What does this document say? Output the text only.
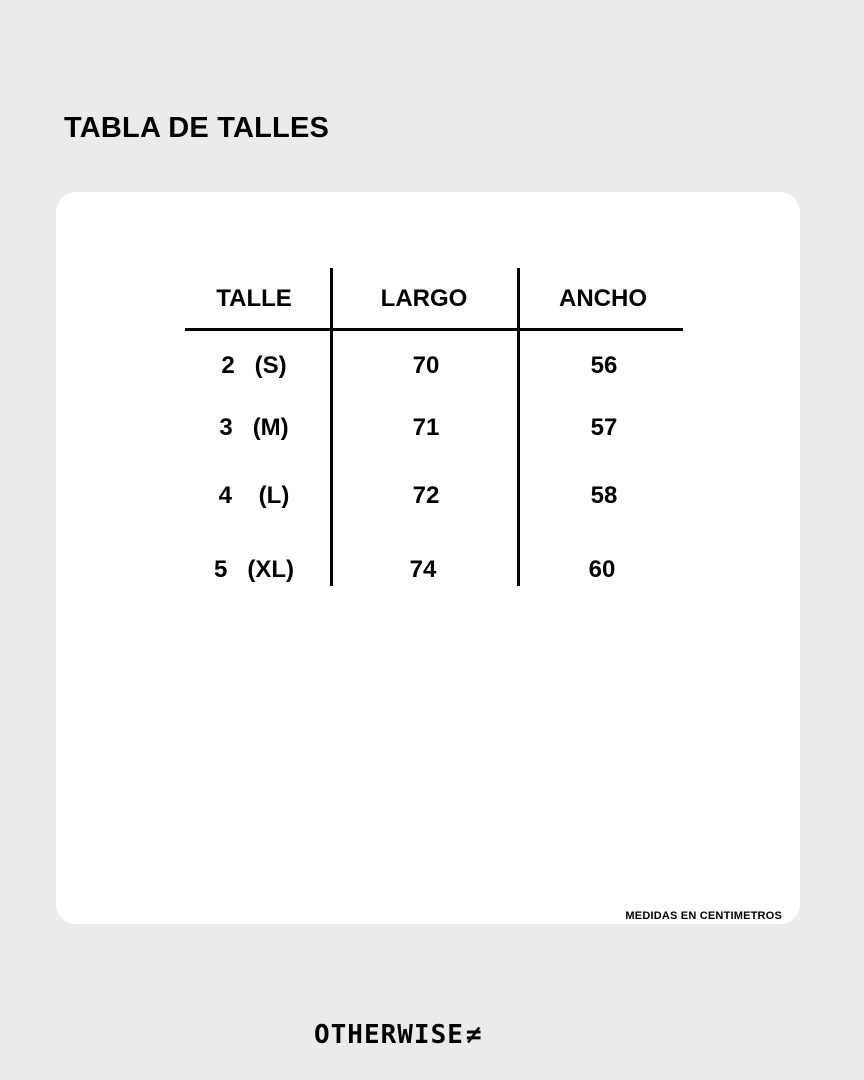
TABLA DE TALLES
TALLE	LARGO	ANCHO
2   (S)	70	56
3   (M)	71	57
4    (L)	72	58
5   (XL)	74	60
MEDIDAS EN CENTIMETROS
OTHERWISE ≠
